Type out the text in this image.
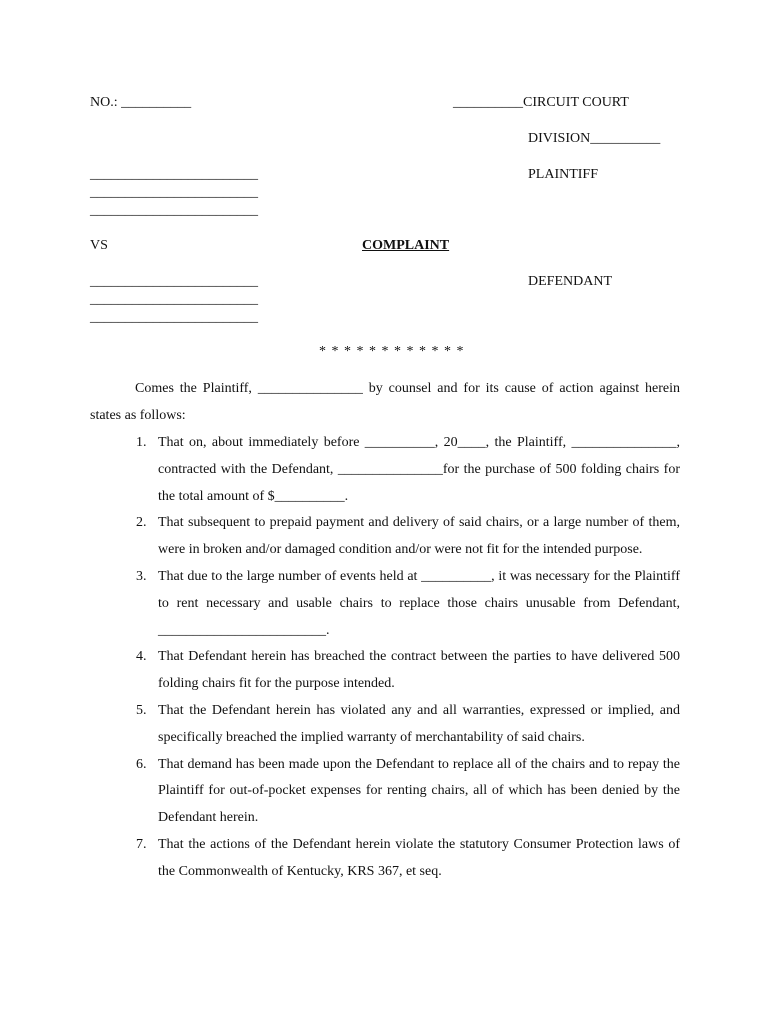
NO.: __________	__________CIRCUIT COURT
DIVISION__________
PLAINTIFF
________________________
________________________
________________________
VS	COMPLAINT
DEFENDANT
________________________
________________________
________________________
* * * * * * * * * * * *
Comes the Plaintiff, _______________ by counsel and for its cause of action against herein states as follows:
1. That on, about immediately before __________, 20____, the Plaintiff, _______________, contracted with the Defendant, _______________for the purchase of 500 folding chairs for the total amount of $__________.
2. That subsequent to prepaid payment and delivery of said chairs, or a large number of them, were in broken and/or damaged condition and/or were not fit for the intended purpose.
3. That due to the large number of events held at __________, it was necessary for the Plaintiff to rent necessary and usable chairs to replace those chairs unusable from Defendant, ________________________.
4. That Defendant herein has breached the contract between the parties to have delivered 500 folding chairs fit for the purpose intended.
5. That the Defendant herein has violated any and all warranties, expressed or implied, and specifically breached the implied warranty of merchantability of said chairs.
6. That demand has been made upon the Defendant to replace all of the chairs and to repay the Plaintiff for out-of-pocket expenses for renting chairs, all of which has been denied by the Defendant herein.
7. That the actions of the Defendant herein violate the statutory Consumer Protection laws of the Commonwealth of Kentucky, KRS 367, et seq.
